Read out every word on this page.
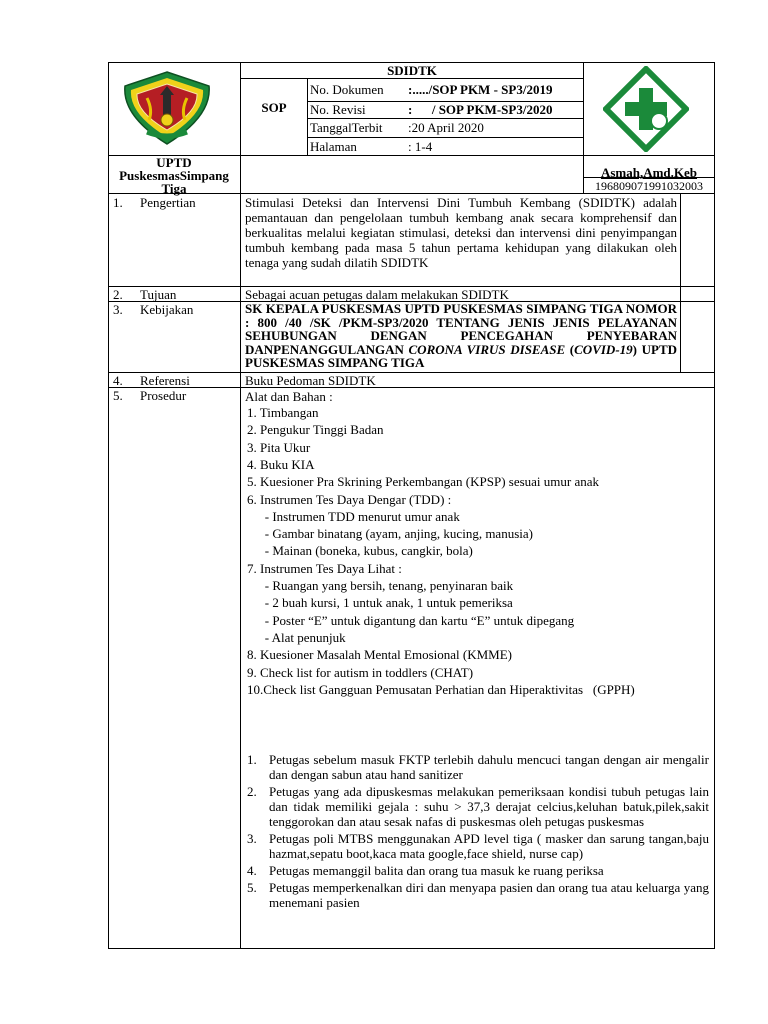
UPTD PuskesmasSimpang Tiga
SDIDTK
SOP
No. Dokumen :...../SOP PKM - SP3/2019
No. Revisi	:      / SOP PKM-SP3/2020
TanggalTerbit :20 April 2020
Halaman	: 1-4
Asmah,Amd.Keb
196809071991032003
1. Pengertian	Stimulasi Deteksi dan Intervensi Dini Tumbuh Kembang (SDIDTK) adalah pemantauan dan pengelolaan tumbuh kembang anak secara komprehensif dan berkualitas melalui kegiatan stimulasi, deteksi dan intervensi dini penyimpangan tumbuh kembang pada masa 5 tahun pertama kehidupan yang dilakukan oleh tenaga yang sudah dilatih SDIDTK
2. Tujuan	Sebagai acuan petugas dalam melakukan SDIDTK
3. Kebijakan	SK KEPALA PUSKESMAS UPTD PUSKESMAS SIMPANG TIGA NOMOR : 800 /40 /SK /PKM-SP3/2020 TENTANG JENIS JENIS PELAYANAN SEHUBUNGAN DENGAN PENCEGAHAN PENYEBARAN DANPENANGGULANGAN CORONA VIRUS DISEASE (COVID-19) UPTD PUSKESMAS SIMPANG TIGA
4. Referensi	Buku Pedoman SDIDTK
5. Prosedur	Alat dan Bahan :
1. Timbangan
2. Pengukur Tinggi Badan
3. Pita Ukur
4. Buku KIA
5. Kuesioner Pra Skrining Perkembangan (KPSP) sesuai umur anak
6. Instrumen Tes Daya Dengar (TDD) :
- Instrumen TDD menurut umur anak
- Gambar binatang (ayam, anjing, kucing, manusia)
- Mainan (boneka, kubus, cangkir, bola)
7. Instrumen Tes Daya Lihat :
- Ruangan yang bersih, tenang, penyinaran baik
- 2 buah kursi, 1 untuk anak, 1 untuk pemeriksa
- Poster “E” untuk digantung dan kartu “E” untuk dipegang
- Alat penunjuk
8. Kuesioner Masalah Mental Emosional (KMME)
9. Check list for autism in toddlers (CHAT)
10.Check list Gangguan Pemusatan Perhatian dan Hiperaktivitas   (GPPH)
1. Petugas sebelum masuk FKTP terlebih dahulu mencuci tangan dengan air mengalir dan dengan sabun atau hand sanitizer
2. Petugas yang ada dipuskesmas melakukan pemeriksaan kondisi tubuh petugas lain dan tidak memiliki gejala : suhu > 37,3 derajat celcius,keluhan batuk,pilek,sakit tenggorokan dan atau sesak nafas di puskesmas oleh petugas puskesmas
3. Petugas poli MTBS menggunakan APD level tiga ( masker dan sarung tangan,baju hazmat,sepatu boot,kaca mata google,face shield, nurse cap)
4. Petugas memanggil balita dan orang tua masuk ke ruang periksa
5. Petugas memperkenalkan diri dan menyapa pasien dan orang tua atau keluarga yang menemani pasien
